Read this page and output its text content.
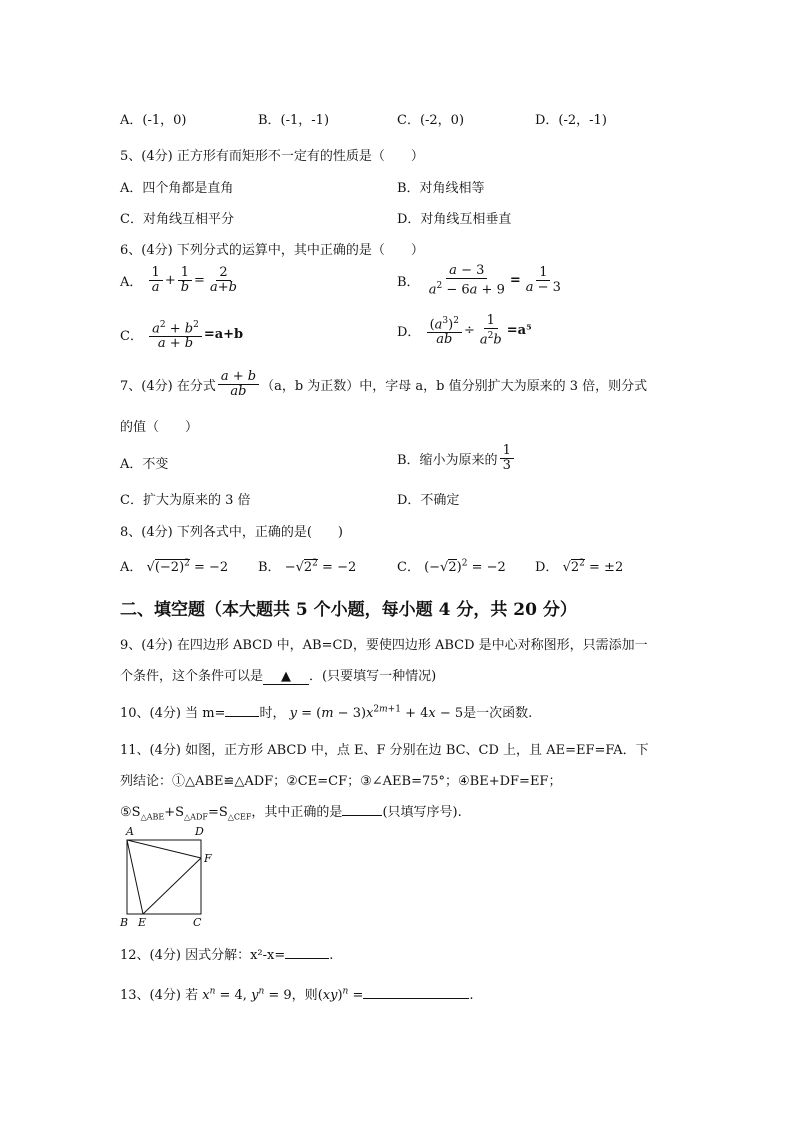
A．(-1，0)	B．(-1，-1)	C．(-2，0)	D．(-2，-1)
5、(4分) 正方形有而矩形不一定有的性质是（　　）
A．四个角都是直角	B．对角线相等
C．对角线互相平分	D．对角线互相垂直
6、(4分) 下列分式的运算中，其中正确的是（　　）
A． $\frac{1}{a} + \frac{1}{b} = \frac{2}{a+b}$	B． $\frac{a - 3}{a^2 - 6a + 9} = \frac{1}{a - 3}$
C． $\frac{a^2 + b^2}{a + b} =a+b$	D． $\frac{(a^3)^2}{ab} \div \frac{1}{a^2b} =a^5$
7、(4分) 在分式 $\frac{a + b}{ab} (a$，b 为正数）中，字母 a，b 值分别扩大为原来的 3 倍，则分式
的值（　　）
A．不变	B．缩小为原来的 $\frac{1}{3}$
C．扩大为原来的 3 倍	D．不确定
8、(4分) 下列各式中，正确的是(　　)
A． $√(-2)^2 = -2$ B． $-√2^2 = -2$	C． $(-√2)^2 = -2$ D． $√2^2 = \pm 2$
二、填空题（本大题共 5 个小题，每小题 4 分，共 20 分）
9、(4分) 在四边形 ABCD 中，AB=CD，要使四边形 ABCD 是中心对称图形，只需添加一
个条件，这个条件可以是 ▲ ．(只要填写一种情况)
10、(4分) 当 m=	时， $y = (m - 3)x^{2m+1} + 4x - 5$是一次函数.
11、(4分) 如图，正方形 ABCD 中，点 E、F 分别在边 BC、CD 上，且 AE=EF=FA．下
列结论：①△ABE≌△ADF；②CE=CF；③∠AEB=75°；④BE+DF=EF；
$⑤S_{\triangle ABE}+S_{\triangle ADF}=S_{\triangle CEF}$，其中正确的是	(只填写序号).
A	D
F
B E	C
12、(4分) 因式分解：x²-x=	.
13、(4分) 若 $x^n = 4$, $y^n = 9$，则(xy)$^n$ =	.
